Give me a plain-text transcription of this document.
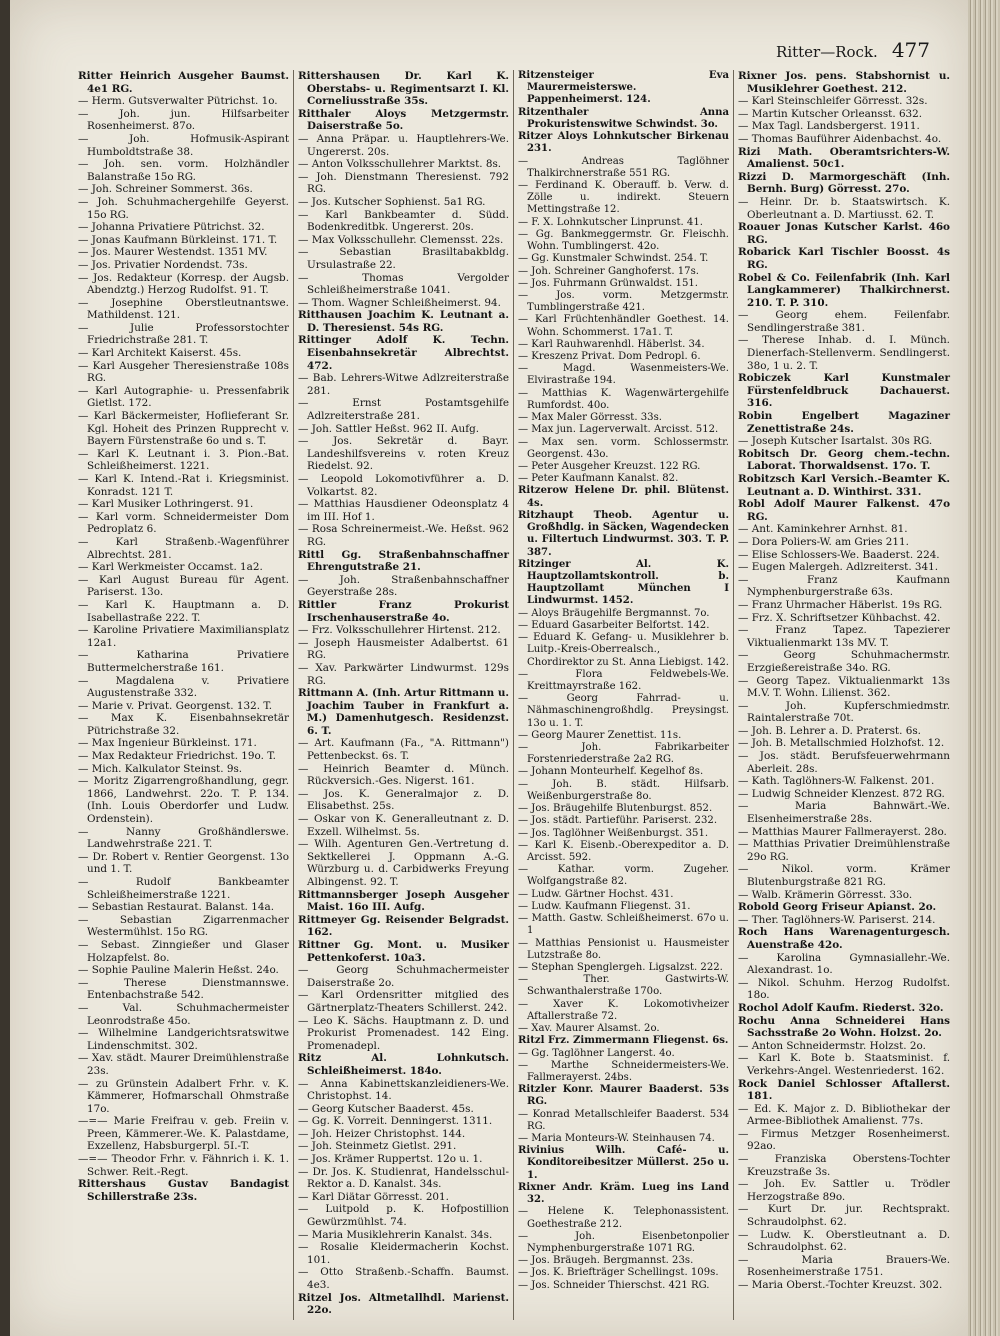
Ritter—Rock. 477
Ritter Heinrich Ausgeher Baumst. 4e1 RG.
— Herm. Gutsverwalter Pütrichst. 1o.
— Joh. jun. Hilfsarbeiter Rosenheimerst. 87o.
— Joh. Hofmusik-Aspirant Humboldtstraße 38.
— Joh. sen. vorm. Holzhändler Balanstraße 15o RG.
— Joh. Schreiner Sommerst. 36s.
— Joh. Schuhmachergehilfe Geyerst. 15o RG.
— Johanna Privatiere Pütrichst. 32.
— Jonas Kaufmann Bürkleinst. 171. T.
— Jos. Maurer Westendst. 1351 MV.
— Jos. Privatier Nordendst. 73s.
— Jos. Redakteur (Korresp. der Augsb. Abendztg.) Herzog Rudolfst. 91. T.
— Josephine Oberstleutnantswe. Mathildenst. 121.
— Julie Professorstochter Friedrichstraße 281. T.
— Karl Architekt Kaiserst. 45s.
— Karl Ausgeher Theresienstraße 108s RG.
— Karl Autographie- u. Pressenfabrik Gietlst. 172.
— Karl Bäckermeister, Hoflieferant Sr. Kgl. Hoheit des Prinzen Rupprecht v. Bayern Fürstenstraße 6o und s. T.
— Karl K. Leutnant i. 3. Pion.-Bat. Schleißheimerst. 1221.
— Karl K. Intend.-Rat i. Kriegsminist. Konradst. 121 T.
— Karl Musiker Lothringerst. 91.
— Karl vorm. Schneidermeister Dom Pedroplatz 6.
— Karl Straßenb.-Wagenführer Albrechtst. 281.
— Karl Werkmeister Occamst. 1a2.
— Karl August Bureau für Agent. Pariserst. 13o.
— Karl K. Hauptmann a. D. Isabellastraße 222. T.
— Karoline Privatiere Maximiliansplatz 12a1.
— Katharina Privatiere Buttermelcherstraße 161.
— Magdalena v. Privatiere Augustenstraße 332.
— Marie v. Privat. Georgenst. 132. T.
— Max K. Eisenbahnsekretär Pütrichstraße 32.
— Max Ingenieur Bürkleinst. 171.
— Max Redakteur Friedrichst. 19o. T.
— Mich. Kalkulator Steinst. 9s.
— Moritz Zigarrengroßhandlung, gegr. 1866, Landwehrst. 22o. T. P. 134. (Inh. Louis Oberdorfer und Ludw. Ordenstein).
— Nanny Großhändlerswe. Landwehrstraße 221. T.
— Dr. Robert v. Rentier Georgenst. 13o und 1. T.
— Rudolf Bankbeamter Schleißheimerstraße 1221.
— Sebastian Restaurat. Balanst. 14a.
— Sebastian Zigarrenmacher Westermühlst. 15o RG.
— Sebast. Zinngießer und Glaser Holzapfelst. 8o.
— Sophie Pauline Malerin Heßst. 24o.
— Therese Dienstmannswe. Entenbachstraße 542.
— Val. Schuhmachermeister Leonrodstraße 45o.
— Wilhelmine Landgerichtsratswitwe Lindenschmitst. 302.
— Xav. städt. Maurer Dreimühlenstraße 23s.
— zu Grünstein Adalbert Frhr. v. K. Kämmerer, Hofmarschall Ohmstraße 17o.
—=— Marie Freifrau v. geb. Freiin v. Preen, Kämmerer.-We. K. Palastdame, Exzellenz, Habsburgerpl. 5I.-T.
—=— Theodor Frhr. v. Fähnrich i. K. 1. Schwer. Reit.-Regt.
Rittershaus Gustav Bandagist Schillerstraße 23s.
Rittershausen Dr. Karl K. Oberstabs- u. Regimentsarzt I. Kl. Corneliusstraße 35s.
Ritthaler Aloys Metzgermstr. Daiserstraße 5o.
— Anna Präpar. u. Hauptlehrers-We. Ungererst. 20s.
— Anton Volksschullehrer Marktst. 8s.
— Joh. Dienstmann Theresienst. 792 RG.
— Jos. Kutscher Sophienst. 5a1 RG.
— Karl Bankbeamter d. Südd. Bodenkreditbk. Ungererst. 20s.
— Max Volksschullehr. Clemensst. 22s.
— Sebastian Brasiltabakbldg. Ursulastraße 22.
— Thomas Vergolder Schleißheimerstraße 1041.
— Thom. Wagner Schleißheimerst. 94.
Ritthausen Joachim K. Leutnant a. D. Theresienst. 54s RG.
Rittinger Adolf K. Techn. Eisenbahnsekretär Albrechtst. 472.
— Bab. Lehrers-Witwe Adlzreiterstraße 281.
— Ernst Postamtsgehilfe Adlzreiterstraße 281.
— Joh. Sattler Heßst. 962 II. Aufg.
— Jos. Sekretär d. Bayr. Landeshilfsvereins v. roten Kreuz Riedelst. 92.
— Leopold Lokomotivführer a. D. Volkartst. 82.
— Matthias Hausdiener Odeonsplatz 4 im III. Hof 1.
— Rosa Schreinermeist.-We. Heßst. 962 RG.
Rittl Gg. Straßenbahnschaffner Ehrengutstraße 21.
— Joh. Straßenbahnschaffner Geyerstraße 28s.
Rittler Franz Prokurist Irschenhauserstraße 4o.
— Frz. Volksschullehrer Hirtenst. 212.
— Joseph Hausmeister Adalbertst. 61 RG.
— Xav. Parkwärter Lindwurmst. 129s RG.
Rittmann A. (Inh. Artur Rittmann u. Joachim Tauber in Frankfurt a. M.) Damenhutgesch. Residenzst. 6. T.
— Art. Kaufmann (Fa., "A. Rittmann") Pettenbeckst. 6s. T.
— Heinrich Beamter d. Münch. Rückversich.-Ges. Nigerst. 161.
— Jos. K. Generalmajor z. D. Elisabethst. 25s.
— Oskar von K. Generalleutnant z. D. Exzell. Wilhelmst. 5s.
— Wilh. Agenturen Gen.-Vertretung d. Sektkellerei J. Oppmann A.-G. Würzburg u. d. Carbidwerks Freyung Albingenst. 92. T.
Rittmannsberger Joseph Ausgeher Maist. 16o III. Aufg.
Rittmeyer Gg. Reisender Belgradst. 162.
Rittner Gg. Mont. u. Musiker Pettenkoferst. 10a3.
— Georg Schuhmachermeister Daiserstraße 2o.
— Karl Ordensritter mitglied des Gärtnerplatz-Theaters Schillerst. 242.
— Leo K. Sächs. Hauptmann z. D. und Prokurist Promenadest. 142 Eing. Promenadepl.
Ritz Al. Lohnkutsch. Schleißheimerst. 184o.
— Anna Kabinettskanzleidieners-We. Christophst. 14.
— Georg Kutscher Baaderst. 45s.
— Gg. K. Vorreit. Denningerst. 1311.
— Joh. Heizer Christophst. 144.
— Joh. Steinmetz Gietlst. 291.
— Jos. Krämer Ruppertst. 12o u. 1.
— Dr. Jos. K. Studienrat, Handelsschul-Rektor a. D. Kanalst. 34s.
— Karl Diätar Görresst. 201.
— Luitpold p. K. Hofpostillion Gewürzmühlst. 74.
— Maria Musiklehrerin Kanalst. 34s.
— Rosalie Kleidermacherin Kochst. 101.
— Otto Straßenb.-Schaffn. Baumst. 4e3.
Ritzel Jos. Altmetallhdl. Marienst. 22o.
Ritzensteiger Eva Maurermeisterswe. Pappenheimerst. 124.
Ritzenthaler Anna Prokuristenswitwe Schwindst. 3o.
Ritzer Aloys Lohnkutscher Birkenau 231.
— Andreas Taglöhner Thalkirchnerstraße 551 RG.
— Ferdinand K. Oberauff. b. Verw. d. Zölle u. indirekt. Steuern Mettingstraße 12.
— F. X. Lohnkutscher Linprunst. 41.
— Gg. Bankmeggermstr. Gr. Fleischh. Wohn. Tumblingerst. 42o.
— Gg. Kunstmaler Schwindst. 254. T.
— Joh. Schreiner Ganghoferst. 17s.
— Jos. Fuhrmann Grünwaldst. 151.
— Jos. vorm. Metzgermstr. Tumblingerstraße 421.
— Karl Früchtenhändler Goethest. 14. Wohn. Schommerst. 17a1. T.
— Karl Rauhwarenhdl. Häberlst. 34.
— Kreszenz Privat. Dom Pedropl. 6.
— Magd. Wasenmeisters-We. Elvirastraße 194.
— Matthias K. Wagenwärtergehilfe Rumfordst. 40o.
— Max Maler Görresst. 33s.
— Max jun. Lagerverwalt. Arcisst. 512.
— Max sen. vorm. Schlossermstr. Georgenst. 43o.
— Peter Ausgeher Kreuzst. 122 RG.
— Peter Kaufmann Kanalst. 82.
Ritzerow Helene Dr. phil. Blütenst. 4s.
Ritzhaupt Theob. Agentur u. Großhdlg. in Säcken, Wagendecken u. Filtertuch Lindwurmst. 303. T. P. 387.
Ritzinger Al. K. Hauptzollamtskontroll. b. Hauptzollamt München I Lindwurmst. 1452.
— Aloys Bräugehilfe Bergmannst. 7o.
— Eduard Gasarbeiter Belfortst. 142.
— Eduard K. Gefang- u. Musiklehrer b. Luitp.-Kreis-Oberrealsch., Chordirektor zu St. Anna Liebigst. 142.
— Flora Feldwebels-We. Kreittmayrstraße 162.
— Georg Fahrrad- u. Nähmaschinengroßhdlg. Preysingst. 13o u. 1. T.
— Georg Maurer Zenettist. 11s.
— Joh. Fabrikarbeiter Forstenriederstraße 2a2 RG.
— Johann Monteurhelf. Kegelhof 8s.
— Joh. B. städt. Hilfsarb. Weißenburgerstraße 8o.
— Jos. Bräugehilfe Blutenburgst. 852.
— Jos. städt. Partieführ. Pariserst. 232.
— Jos. Taglöhner Weißenburgst. 351.
— Karl K. Eisenb.-Oberexpeditor a. D. Arcisst. 592.
— Kathar. vorm. Zugeher. Wolfgangstraße 82.
— Ludw. Gärtner Hochst. 431.
— Ludw. Kaufmann Fliegenst. 31.
— Matth. Gastw. Schleißheimerst. 67o u. 1
— Matthias Pensionist u. Hausmeister Lutzstraße 8o.
— Stephan Spenglergeh. Ligsalzst. 222.
— Ther. Gastwirts-W. Schwanthalerstraße 170o.
— Xaver K. Lokomotivheizer Aftallerstraße 72.
— Xav. Maurer Alsamst. 2o.
Ritzl Frz. Zimmermann Fliegenst. 6s.
— Gg. Taglöhner Langerst. 4o.
— Marthe Schneidermeisters-We. Fallmerayerst. 24bs.
Ritzler Konr. Maurer Baaderst. 53s RG.
— Konrad Metallschleifer Baaderst. 534 RG.
— Maria Monteurs-W. Steinhausen 74.
Rivinius Wilh. Café- u. Konditoreibesitzer Müllerst. 25o u. 1.
Rixner Andr. Kräm. Lueg ins Land 32.
— Helene K. Telephonassistent. Goethestraße 212.
— Joh. Eisenbetonpolier Nymphenburgerstraße 1071 RG.
— Jos. Bräugeh. Bergmannst. 23s.
— Jos. K. Briefträger Schellingst. 109s.
— Jos. Schneider Thierschst. 421 RG.
Rixner Jos. pens. Stabshornist u. Musiklehrer Goethest. 212.
— Karl Steinschleifer Görresst. 32s.
— Martin Kutscher Orleansst. 632.
— Max Tagl. Landsbergerst. 1911.
— Thomas Bauführer Aidenbachst. 4o.
Rizi Math. Oberamtsrichters-W. Amalienst. 50c1.
Rizzi D. Marmorgeschäft (Inh. Bernh. Burg) Görresst. 27o.
— Heinr. Dr. b. Staatswirtsch. K. Oberleutnant a. D. Martiusst. 62. T.
Roauer Jonas Kutscher Karlst. 46o RG.
Robarick Karl Tischler Boosst. 4s RG.
Robel & Co. Feilenfabrik (Inh. Karl Langkammerer) Thalkirchnerst. 210. T. P. 310.
— Georg ehem. Feilenfabr. Sendlingerstraße 381.
— Therese Inhab. d. I. Münch. Dienerfach-Stellenverm. Sendlingerst. 38o, 1 u. 2. T.
Robiczek Karl Kunstmaler Fürstenfeldbruck Dachauerst. 316.
Robin Engelbert Magaziner Zenettistraße 24s.
— Joseph Kutscher Isartalst. 30s RG.
Robitsch Dr. Georg chem.-techn. Laborat. Thorwaldsenst. 17o. T.
Robitzsch Karl Versich.-Beamter K. Leutnant a. D. Winthirst. 331.
Robl Adolf Maurer Falkenst. 47o RG.
— Ant. Kaminkehrer Arnhst. 81.
— Dora Poliers-W. am Gries 211.
— Elise Schlossers-We. Baaderst. 224.
— Eugen Malergeh. Adlzreiterst. 341.
— Franz Kaufmann Nymphenburgerstraße 63s.
— Franz Uhrmacher Häberlst. 19s RG.
— Frz. X. Schriftsetzer Kühbachst. 42.
— Franz Tapez. Tapezierer Viktualienmarkt 13s MV. T.
— Georg Schuhmachermstr. Erzgießereistraße 34o. RG.
— Georg Tapez. Viktualienmarkt 13s M.V. T. Wohn. Lilienst. 362.
— Joh. Kupferschmiedmstr. Raintalerstraße 70t.
— Joh. B. Lehrer a. D. Praterst. 6s.
— Joh. B. Metallschmied Holzhofst. 12.
— Jos. städt. Berufsfeuerwehrmann Aberleit. 28s.
— Kath. Taglöhners-W. Falkenst. 201.
— Ludwig Schneider Klenzest. 872 RG.
— Maria Bahnwärt.-We. Elsenheimerstraße 28s.
— Matthias Maurer Fallmerayerst. 28o.
— Matthias Privatier Dreimühlenstraße 29o RG.
— Nikol. vorm. Krämer Blutenburgstraße 821 RG.
— Walb. Krämerin Görresst. 33o.
Robold Georg Friseur Apianst. 2o.
— Ther. Taglöhners-W. Pariserst. 214.
Roch Hans Warenagenturgesch. Auenstraße 42o.
— Karolina Gymnasiallehr.-We. Alexandrast. 1o.
— Nikol. Schuhm. Herzog Rudolfst. 18o.
Rochol Adolf Kaufm. Riederst. 32o.
Rochu Anna Schneiderei Hans Sachsstraße 2o Wohn. Holzst. 2o.
— Anton Schneidermstr. Holzst. 2o.
— Karl K. Bote b. Staatsminist. f. Verkehrs-Angel. Westenriederst. 162.
Rock Daniel Schlosser Aftallerst. 181.
— Ed. K. Major z. D. Bibliothekar der Armee-Bibliothek Amalienst. 77s.
— Firmus Metzger Rosenheimerst. 92ao.
— Franziska Oberstens-Tochter Kreuzstraße 3s.
— Joh. Ev. Sattler u. Trödler Herzogstraße 89o.
— Kurt Dr. jur. Rechtsprakt. Schraudolphst. 62.
— Ludw. K. Oberstleutnant a. D. Schraudolphst. 62.
— Maria Brauers-We. Rosenheimerstraße 1751.
— Maria Oberst.-Tochter Kreuzst. 302.
